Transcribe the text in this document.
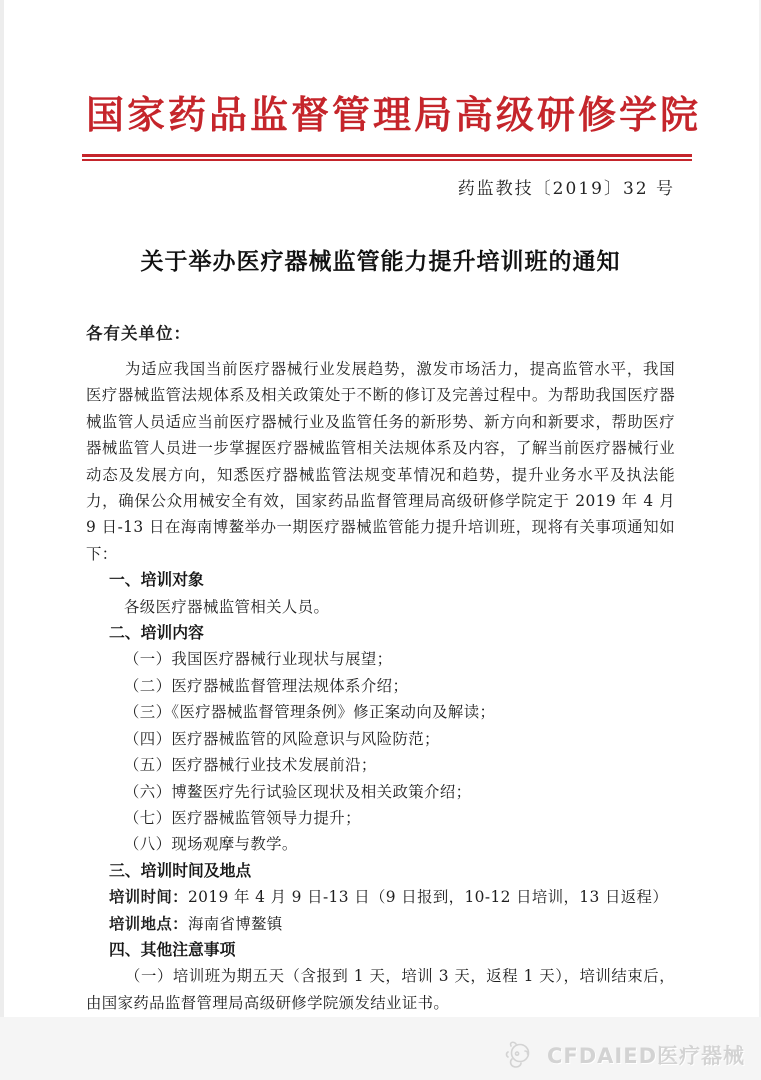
国家药品监督管理局高级研修学院
药监教技〔2019〕32 号
关于举办医疗器械监管能力提升培训班的通知

各有关单位：

为适应我国当前医疗器械行业发展趋势，激发市场活力，提高监管水平，我国医疗器械监管法规体系及相关政策处于不断的修订及完善过程中。为帮助我国医疗器械监管人员适应当前医疗器械行业及监管任务的新形势、新方向和新要求，帮助医疗器械监管人员进一步掌握医疗器械监管相关法规体系及内容，了解当前医疗器械行业动态及发展方向，知悉医疗器械监管法规变革情况和趋势，提升业务水平及执法能力，确保公众用械安全有效，国家药品监督管理局高级研修学院定于 2019 年 4 月 9 日-13 日在海南博鳌举办一期医疗器械监管能力提升培训班，现将有关事项通知如下：

一、培训对象

各级医疗器械监管相关人员。

二、培训内容

（一）我国医疗器械行业现状与展望；

（二）医疗器械监督管理法规体系介绍；

（三）《医疗器械监督管理条例》修正案动向及解读；

（四）医疗器械监管的风险意识与风险防范；

（五）医疗器械行业技术发展前沿；

（六）博鳌医疗先行试验区现状及相关政策介绍；

（七）医疗器械监管领导力提升；

（八）现场观摩与教学。

三、培训时间及地点

培训时间：2019 年 4 月 9 日-13 日（9 日报到，10-12 日培训，13 日返程）

培训地点：海南省博鳌镇

四、其他注意事项

（一）培训班为期五天（含报到 1 天，培训 3 天，返程 1 天），培训结束后，由国家药品监督管理局高级研修学院颁发结业证书。

CFDAIED医疗器械
